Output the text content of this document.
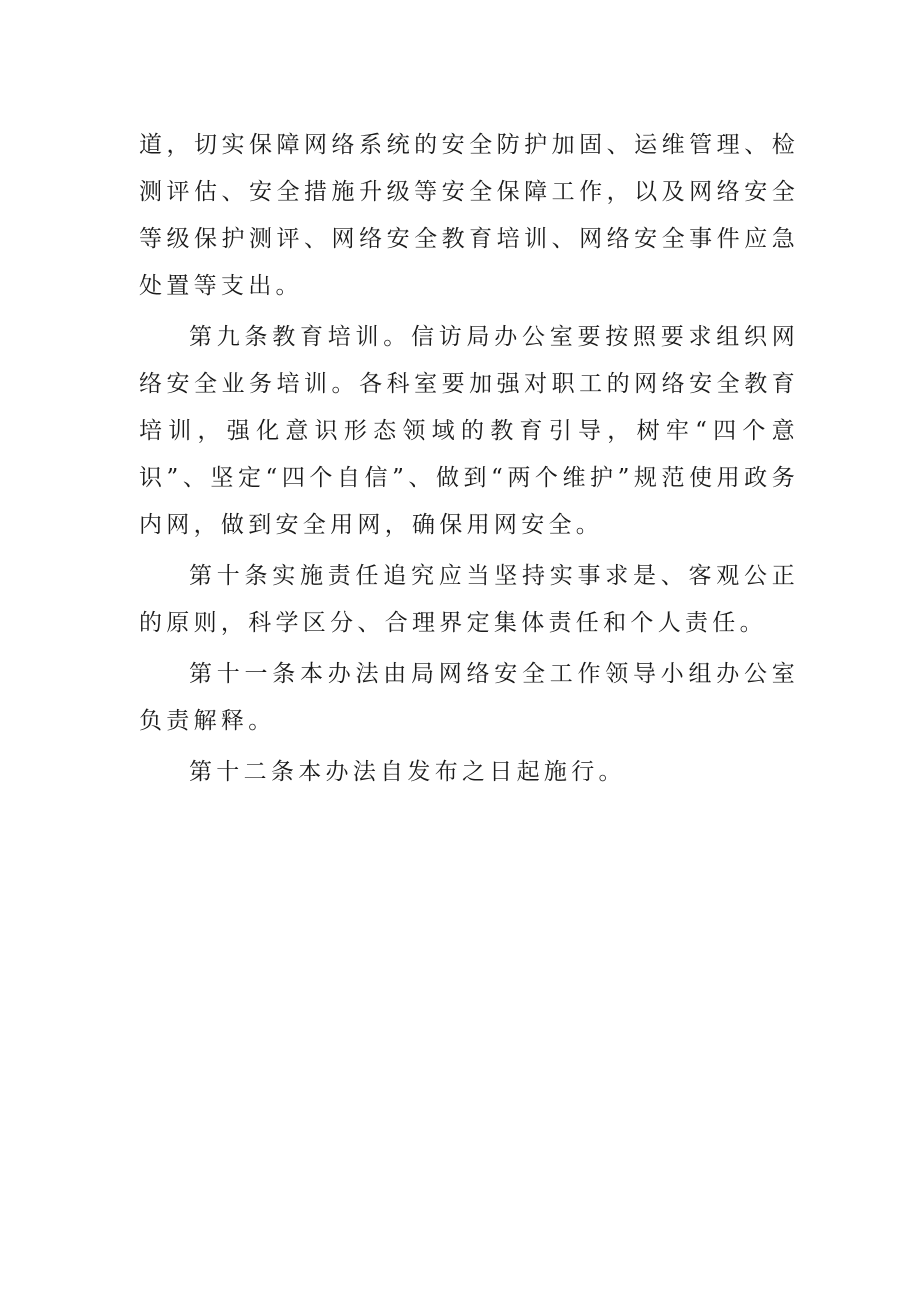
道，切实保障网络系统的安全防护加固、运维管理、检测评估、安全措施升级等安全保障工作，以及网络安全等级保护测评、网络安全教育培训、网络安全事件应急处置等支出。

第九条教育培训。信访局办公室要按照要求组织网络安全业务培训。各科室要加强对职工的网络安全教育培训，强化意识形态领域的教育引导，树牢“四个意识”、坚定“四个自信”、做到“两个维护”规范使用政务内网，做到安全用网，确保用网安全。

第十条实施责任追究应当坚持实事求是、客观公正的原则，科学区分、合理界定集体责任和个人责任。

第十一条本办法由局网络安全工作领导小组办公室负责解释。

第十二条本办法自发布之日起施行。
